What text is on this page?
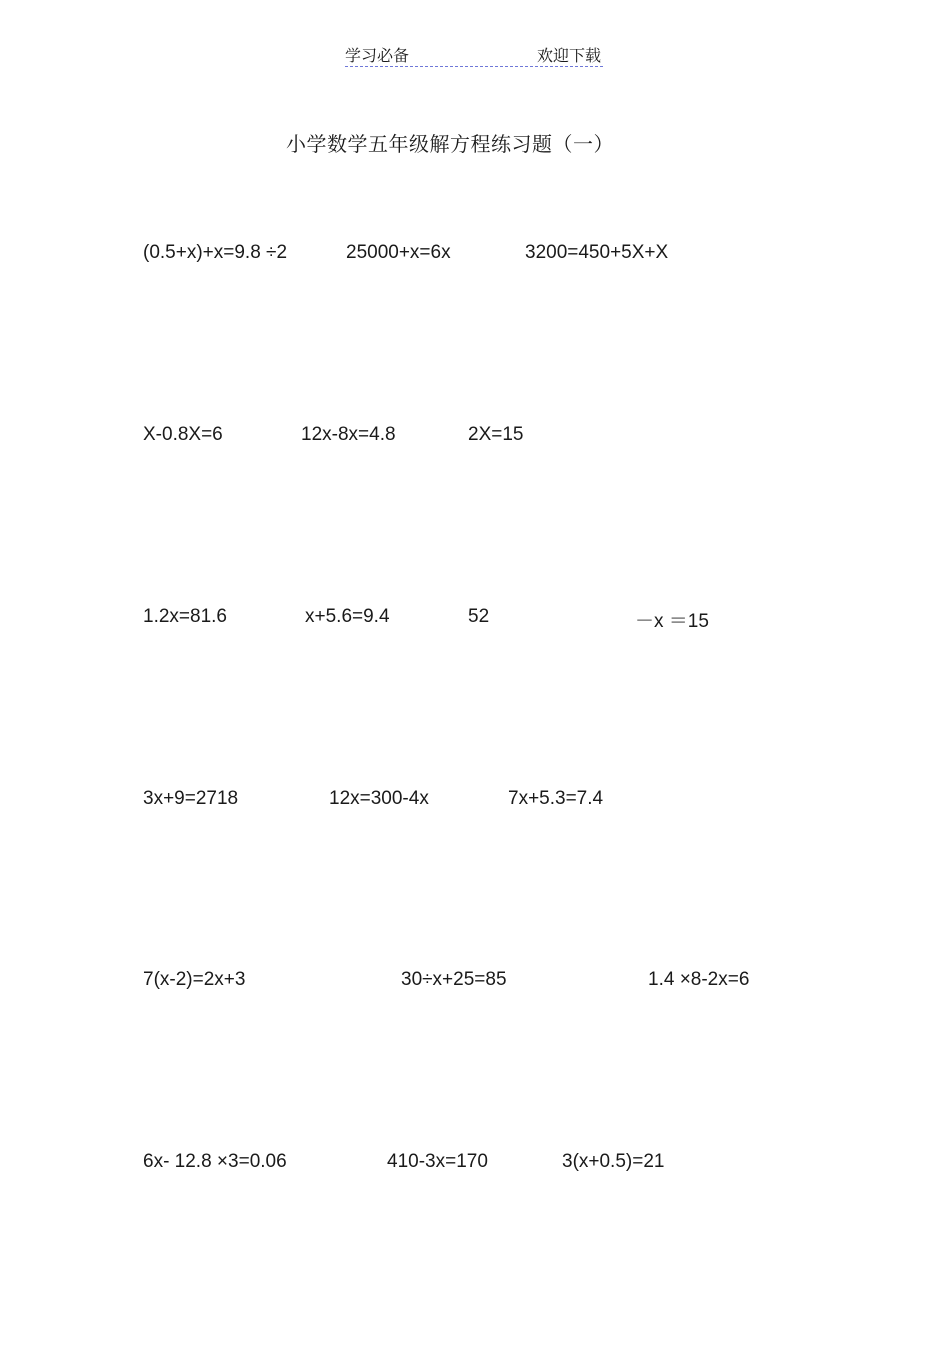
学习必备	欢迎下载
小学数学五年级解方程练习题（一）
(0.5+x)+x=9.8 ÷2	25000+x=6x	3200=450+5X+X
X-0.8X=6	12x-8x=4.8	2X=15
1.2x=81.6	x+5.6=9.4	52	－x ＝15
3x+9=2718	12x=300-4x	7x+5.3=7.4
7(x-2)=2x+3	30÷x+25=85	1.4 ×8-2x=6
6x- 12.8 ×3=0.06	410-3x=170	3(x+0.5)=21
